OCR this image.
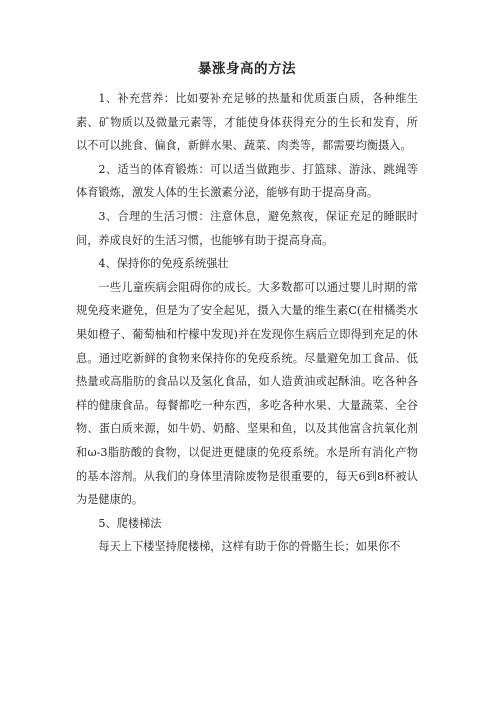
暴涨身高的方法

1、补充营养：比如要补充足够的热量和优质蛋白质，各种维生素、矿物质以及微量元素等，才能使身体获得充分的生长和发育，所以不可以挑食、偏食，新鲜水果、蔬菜、肉类等，都需要均衡摄入。

2、适当的体育锻炼：可以适当做跑步、打篮球、游泳、跳绳等体育锻炼，激发人体的生长激素分泌，能够有助于提高身高。

3、合理的生活习惯：注意休息，避免熬夜，保证充足的睡眠时间，养成良好的生活习惯，也能够有助于提高身高。

4、保持你的免疫系统强壮

一些儿童疾病会阻碍你的成长。大多数都可以通过婴儿时期的常规免疫来避免，但是为了安全起见，摄入大量的维生素C(在柑橘类水果如橙子、葡萄柚和柠檬中发现)并在发现你生病后立即得到充足的休息。通过吃新鲜的食物来保持你的免疫系统。尽量避免加工食品、低热量或高脂肪的食品以及氢化食品，如人造黄油或起酥油。吃各种各样的健康食品。每餐都吃一种东西，多吃各种水果、大量蔬菜、全谷物、蛋白质来源，如牛奶、奶酪、坚果和鱼，以及其他富含抗氧化剂和ω-3脂肪酸的食物，以促进更健康的免疫系统。水是所有消化产物的基本溶剂。从我们的身体里清除废物是很重要的，每天6到8杯被认为是健康的。

5、爬楼梯法

每天上下楼坚持爬楼梯，这样有助于你的骨骼生长；如果你不
